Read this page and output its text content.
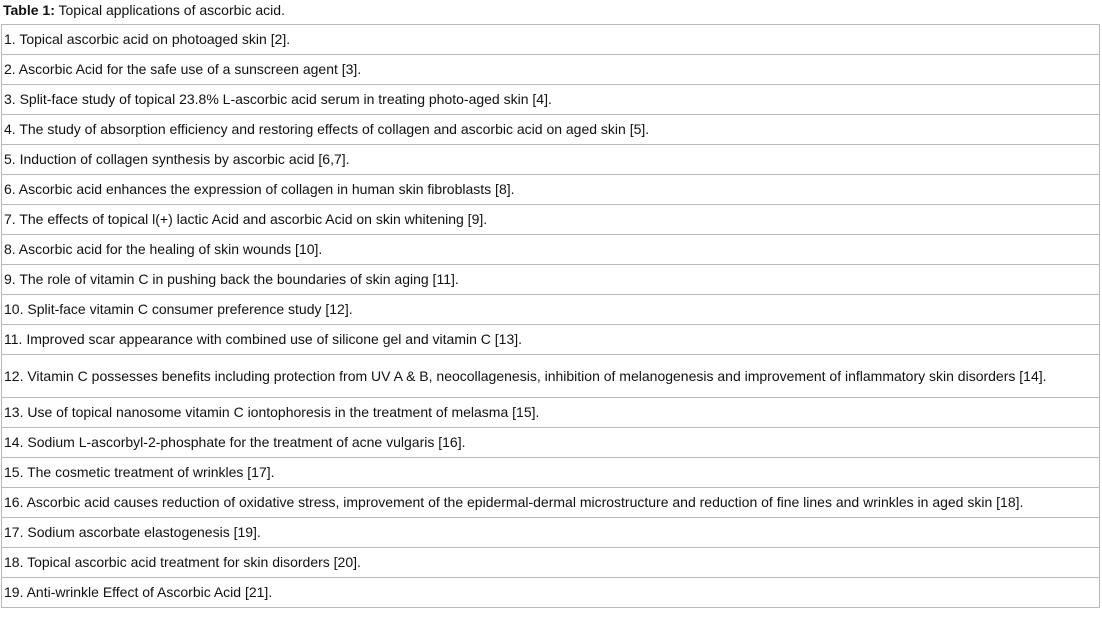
Table 1: Topical applications of ascorbic acid.
1. Topical ascorbic acid on photoaged skin [2].
2. Ascorbic Acid for the safe use of a sunscreen agent [3].
3. Split-face study of topical 23.8% L-ascorbic acid serum in treating photo-aged skin [4].
4. The study of absorption efficiency and restoring effects of collagen and ascorbic acid on aged skin [5].
5. Induction of collagen synthesis by ascorbic acid [6,7].
6. Ascorbic acid enhances the expression of collagen in human skin fibroblasts [8].
7. The effects of topical l(+) lactic Acid and ascorbic Acid on skin whitening [9].
8. Ascorbic acid for the healing of skin wounds [10].
9. The role of vitamin C in pushing back the boundaries of skin aging [11].
10. Split-face vitamin C consumer preference study [12].
11. Improved scar appearance with combined use of silicone gel and vitamin C [13].
12. Vitamin C possesses benefits including protection from UV A & B, neocollagenesis, inhibition of melanogenesis and improvement of inflammatory skin disorders [14].
13. Use of topical nanosome vitamin C iontophoresis in the treatment of melasma [15].
14. Sodium L-ascorbyl-2-phosphate for the treatment of acne vulgaris [16].
15. The cosmetic treatment of wrinkles [17].
16. Ascorbic acid causes reduction of oxidative stress, improvement of the epidermal-dermal microstructure and reduction of fine lines and wrinkles in aged skin [18].
17. Sodium ascorbate elastogenesis [19].
18. Topical ascorbic acid treatment for skin disorders [20].
19. Anti-wrinkle Effect of Ascorbic Acid [21].
